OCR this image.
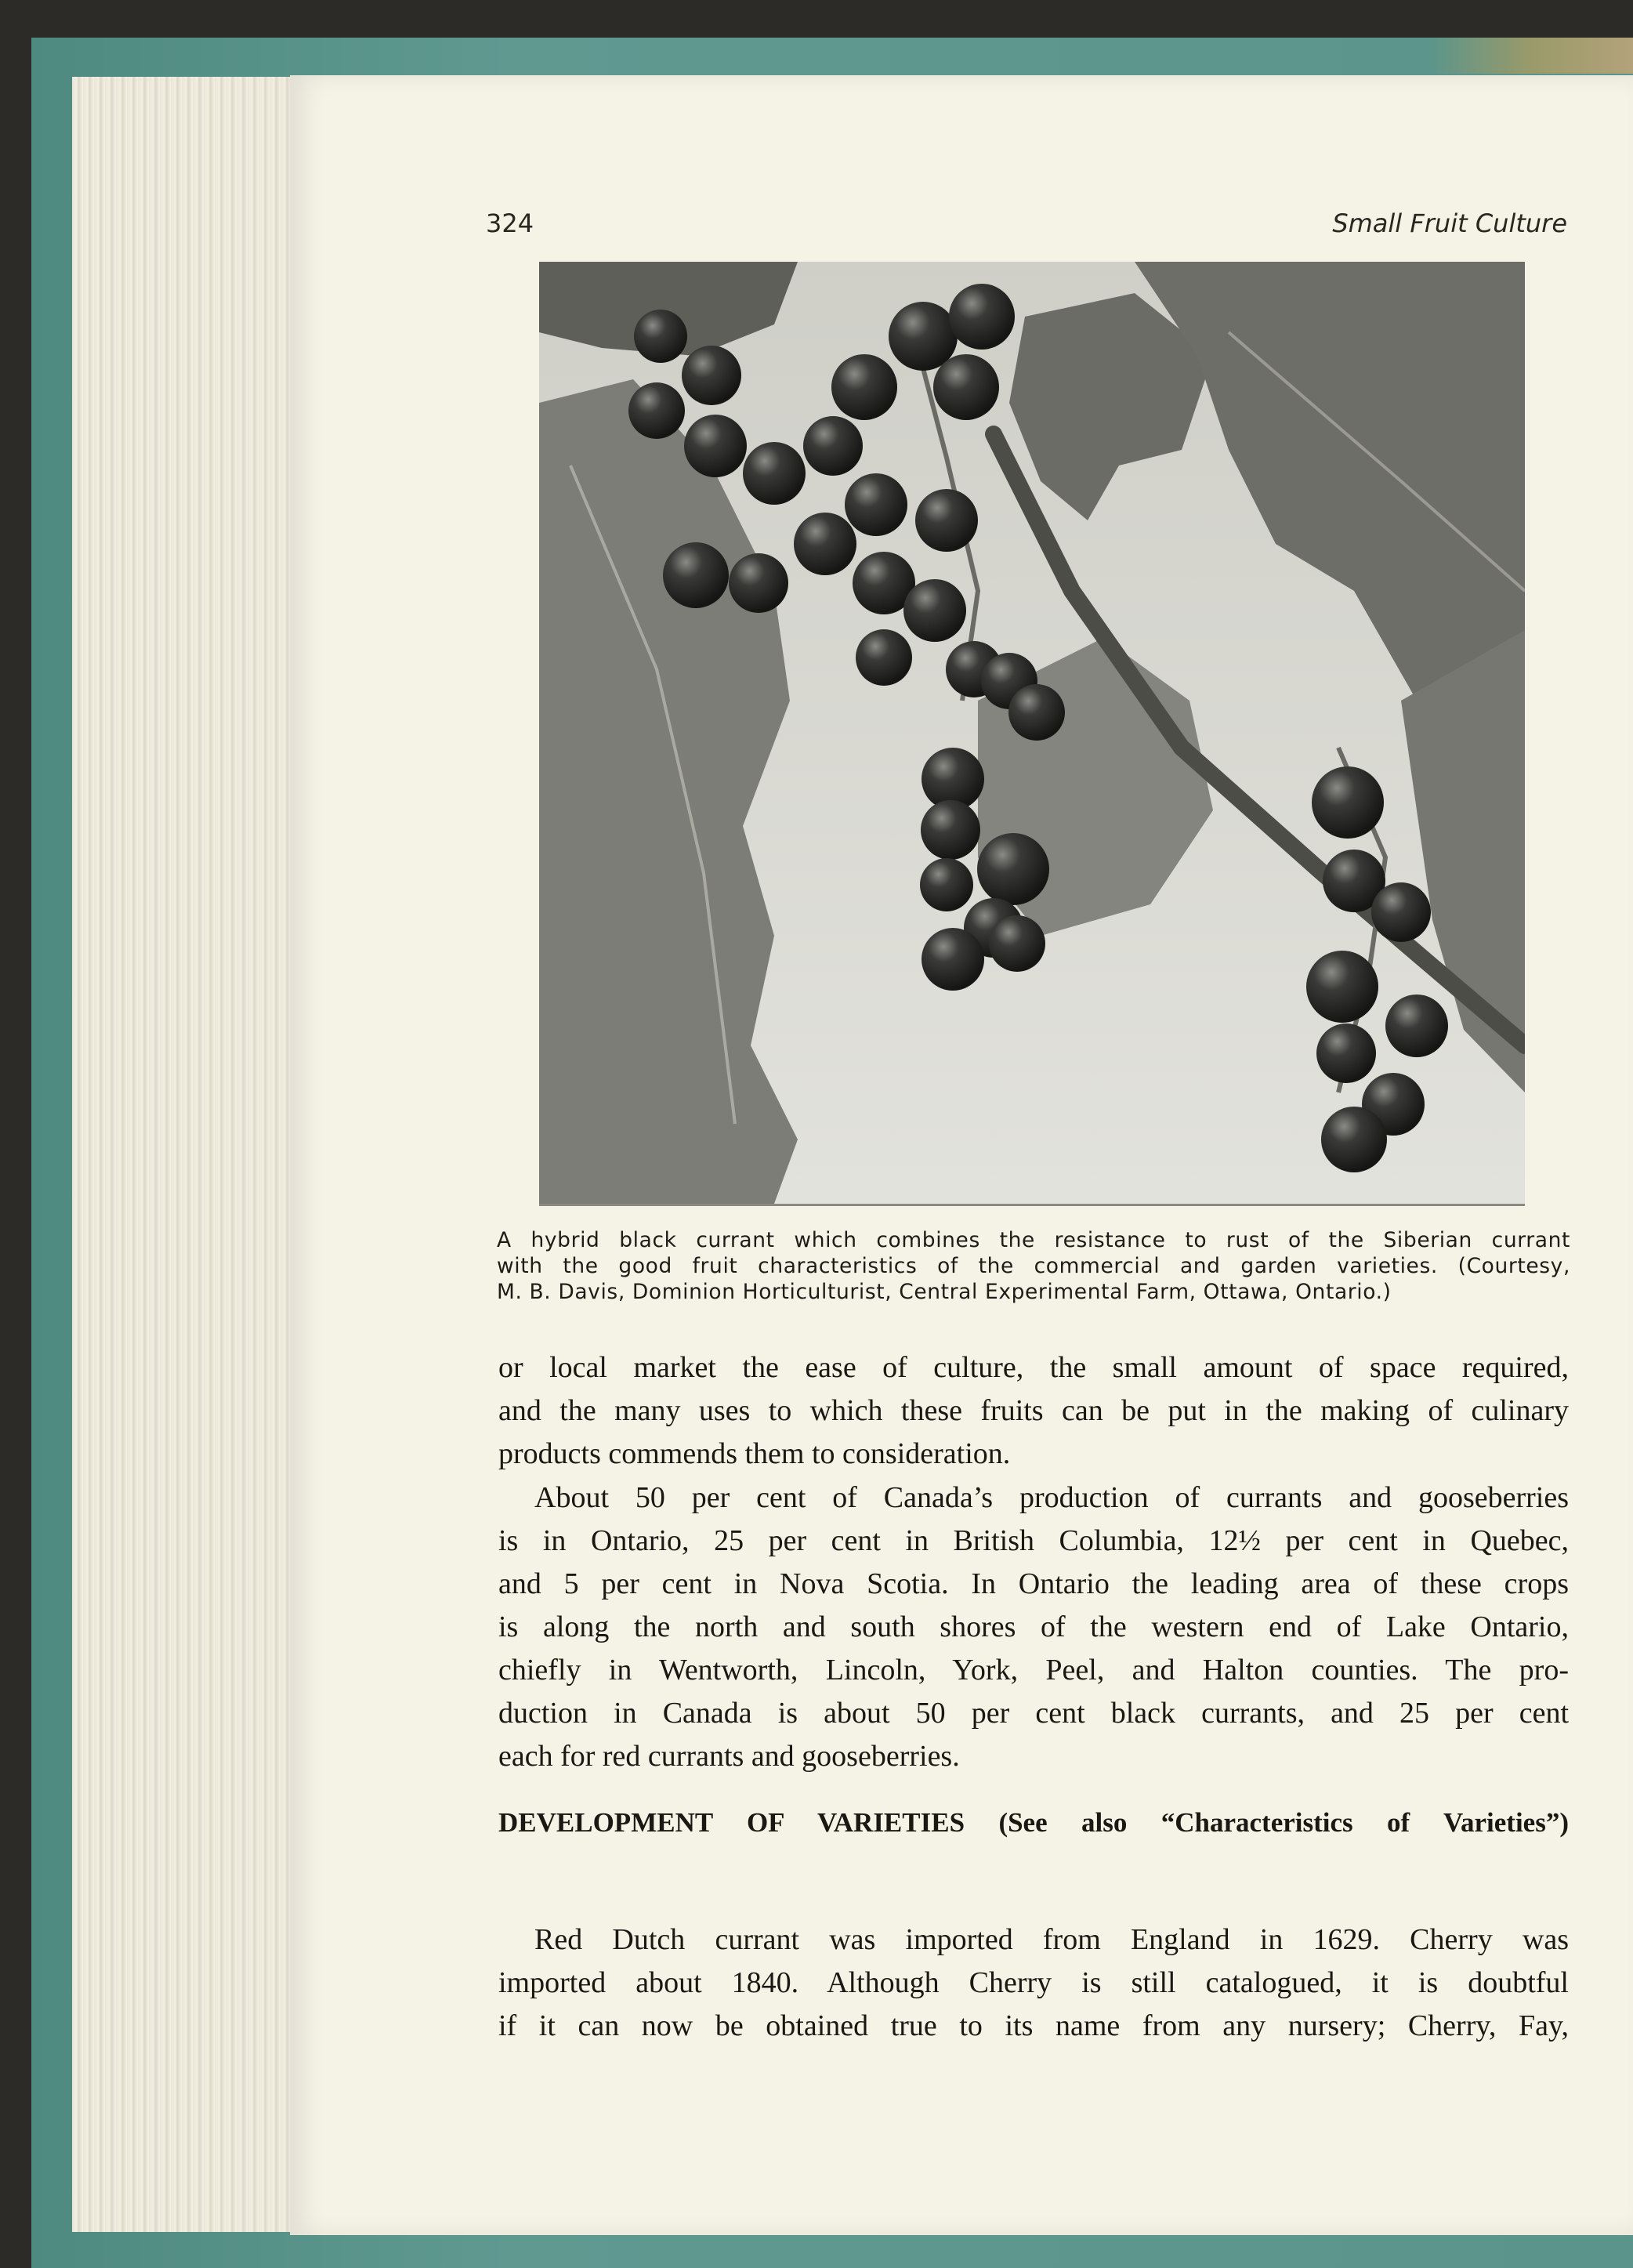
324	Small Fruit Culture
A hybrid black currant which combines the resistance to rust of the Siberian currant
with the good fruit characteristics of the commercial and garden varieties. (Courtesy,
M. B. Davis, Dominion Horticulturist, Central Experimental Farm, Ottawa, Ontario.)
or local market the ease of culture, the small amount of space required,
and the many uses to which these fruits can be put in the making of culinary
products commends them to consideration.
About 50 per cent of Canada’s production of currants and gooseberries
is in Ontario, 25 per cent in British Columbia, 12½ per cent in Quebec,
and 5 per cent in Nova Scotia. In Ontario the leading area of these crops
is along the north and south shores of the western end of Lake Ontario,
chiefly in Wentworth, Lincoln, York, Peel, and Halton counties. The pro-
duction in Canada is about 50 per cent black currants, and 25 per cent
each for red currants and gooseberries.
DEVELOPMENT OF VARIETIES (See also “Characteristics of Varieties”)
Red Dutch currant was imported from England in 1629. Cherry was
imported about 1840. Although Cherry is still catalogued, it is doubtful
if it can now be obtained true to its name from any nursery; Cherry, Fay,
